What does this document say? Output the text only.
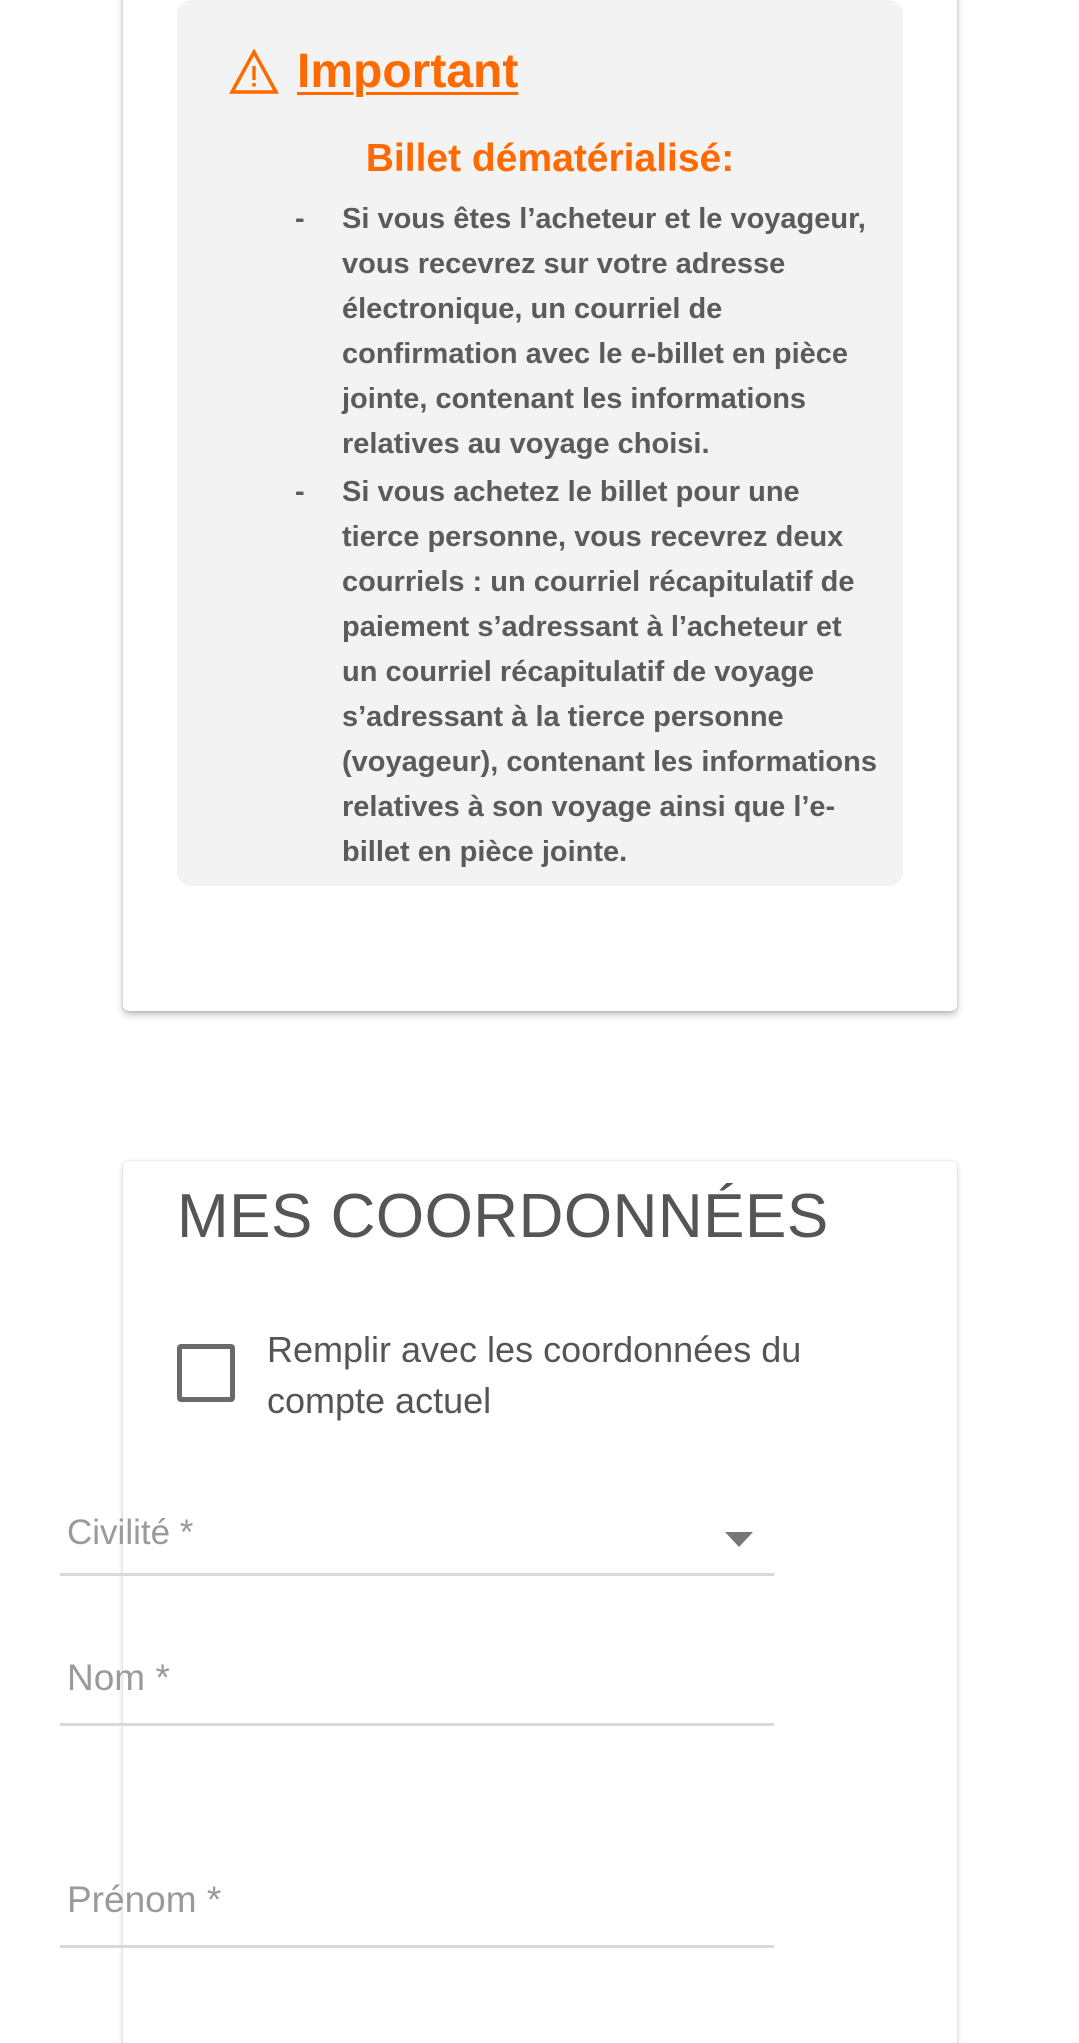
Important
Billet dématérialisé:
-	Si vous êtes l’acheteur et le voyageur, vous recevrez sur votre adresse électronique, un courriel de confirmation avec le e-billet en pièce jointe, contenant les informations relatives au voyage choisi.
-	Si vous achetez le billet pour une tierce personne, vous recevrez deux courriels : un courriel récapitulatif de paiement s’adressant à l’acheteur et un courriel récapitulatif de voyage s’adressant à la tierce personne (voyageur), contenant les informations relatives à son voyage ainsi que l’e-billet en pièce jointe.
MES COORDONNÉES
Remplir avec les coordonnées du compte actuel
Civilité *
Nom *
Prénom *
